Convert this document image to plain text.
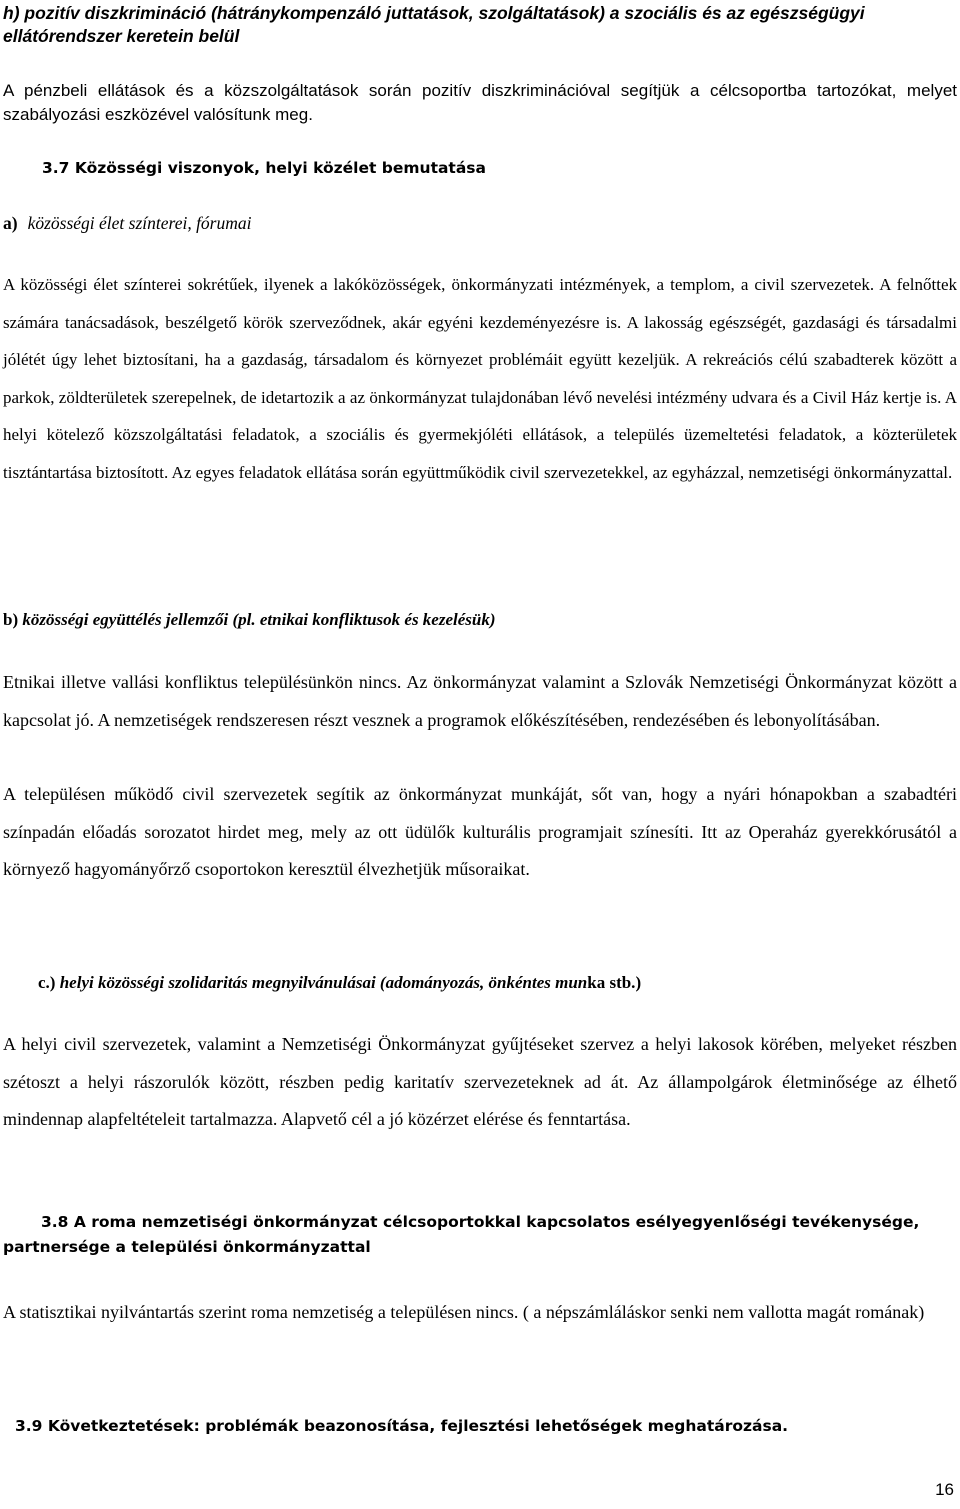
h) pozitív diszkrimináció (hátránykompenzáló juttatások, szolgáltatások) a szociális és az egészségügyi ellátórendszer keretein belül

A pénzbeli ellátások és a közszolgáltatások során pozitív diszkriminációval segítjük a célcsoportba tartozókat, melyet szabályozási eszközével valósítunk meg.

3.7 Közösségi viszonyok, helyi közélet bemutatása
a) közösségi élet színterei, fórumai

A közösségi élet színterei sokrétűek, ilyenek a lakóközösségek, önkormányzati intézmények, a templom, a civil szervezetek. A felnőttek számára tanácsadások, beszélgető körök szerveződnek, akár egyéni kezdeményezésre is. A lakosság egészségét, gazdasági és társadalmi jólétét úgy lehet biztosítani, ha a gazdaság, társadalom és környezet problémáit együtt kezeljük. A rekreációs célú szabadterek között a parkok, zöldterületek szerepelnek, de idetartozik a az önkormányzat tulajdonában lévő nevelési intézmény udvara és a Civil Ház kertje is. A helyi kötelező közszolgáltatási feladatok, a szociális és gyermekjóléti ellátások, a település üzemeltetési feladatok, a közterületek tisztántartása biztosított. Az egyes feladatok ellátása során együttműködik civil szervezetekkel, az egyházzal, nemzetiségi önkormányzattal.

b) közösségi együttélés jellemzői (pl. etnikai konfliktusok és kezelésük)

Etnikai illetve vallási konfliktus településünkön nincs. Az önkormányzat valamint a Szlovák Nemzetiségi Önkormányzat között a kapcsolat jó. A nemzetiségek rendszeresen részt vesznek a programok előkészítésében, rendezésében és lebonyolításában.

A településen működő civil szervezetek segítik az önkormányzat munkáját, sőt van, hogy a nyári hónapokban a szabadtéri színpadán előadás sorozatot hirdet meg, mely az ott üdülők kulturális programjait színesíti. Itt az Operaház gyerekkórusától a környező hagyományőrző csoportokon keresztül élvezhetjük műsoraikat.

c.) helyi közösségi szolidaritás megnyilvánulásai (adományozás, önkéntes munka stb.)

A helyi civil szervezetek, valamint a Nemzetiségi Önkormányzat gyűjtéseket szervez a helyi lakosok körében, melyeket részben szétoszt a helyi rászorulók között, részben pedig karitatív szervezeteknek ad át. Az állampolgárok életminősége az élhető mindennap alapfeltételeit tartalmazza. Alapvető cél a jó közérzet elérése és fenntartása.

3.8 A roma nemzetiségi önkormányzat célcsoportokkal kapcsolatos esélyegyenlőségi tevékenysége, partnersége a települési önkormányzattal

A statisztikai nyilvántartás szerint roma nemzetiség a településen nincs. ( a népszámláláskor senki nem vallotta magát romának)

3.9 Következtetések: problémák beazonosítása, fejlesztési lehetőségek meghatározása.
16
